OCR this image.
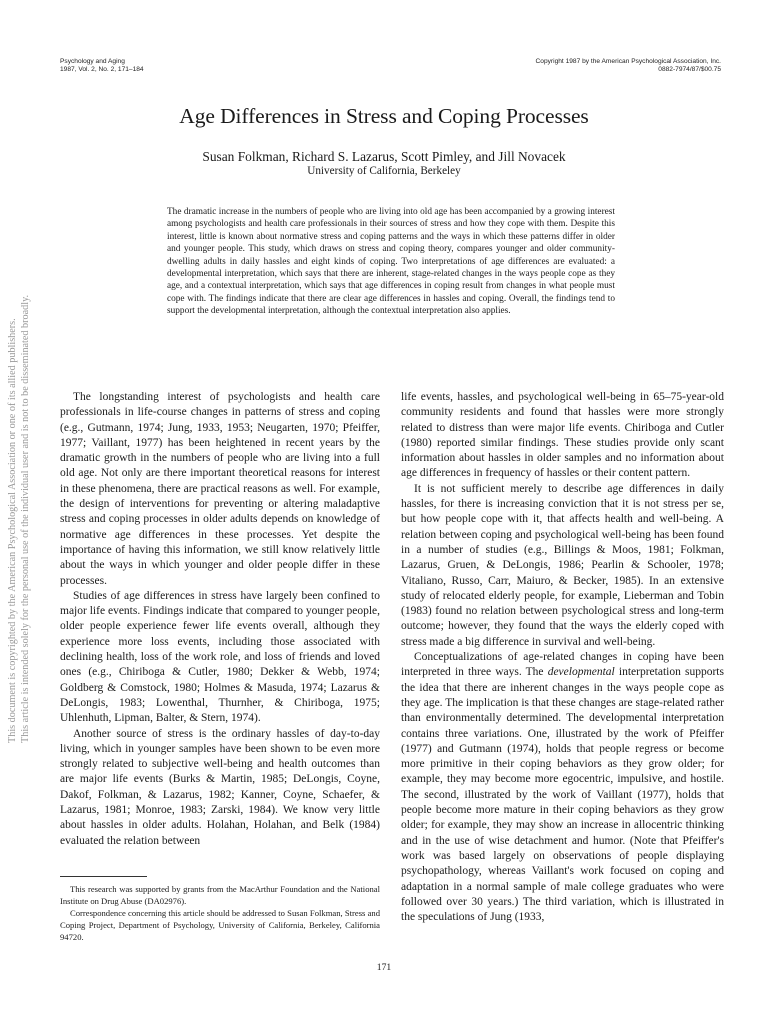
Psychology and Aging
1987, Vol. 2, No. 2, 171–184
Copyright 1987 by the American Psychological Association, Inc.
0882-7974/87/$00.75
Age Differences in Stress and Coping Processes
Susan Folkman, Richard S. Lazarus, Scott Pimley, and Jill Novacek
University of California, Berkeley
The dramatic increase in the numbers of people who are living into old age has been accompanied by a growing interest among psychologists and health care professionals in their sources of stress and how they cope with them. Despite this interest, little is known about normative stress and coping patterns and the ways in which these patterns differ in older and younger people. This study, which draws on stress and coping theory, compares younger and older community-dwelling adults in daily hassles and eight kinds of coping. Two interpretations of age differences are evaluated: a developmental interpretation, which says that there are inherent, stage-related changes in the ways people cope as they age, and a contextual interpretation, which says that age differences in coping result from changes in what people must cope with. The findings indicate that there are clear age differences in hassles and coping. Overall, the findings tend to support the developmental interpretation, although the contextual interpretation also applies.

The longstanding interest of psychologists and health care professionals in life-course changes in patterns of stress and coping (e.g., Gutmann, 1974; Jung, 1933, 1953; Neugarten, 1970; Pfeiffer, 1977; Vaillant, 1977) has been heightened in recent years by the dramatic growth in the numbers of people who are living into a full old age. Not only are there important theoretical reasons for interest in these phenomena, there are practical reasons as well. For example, the design of interventions for preventing or altering maladaptive stress and coping processes in older adults depends on knowledge of normative age differences in these processes. Yet despite the importance of having this information, we still know relatively little about the ways in which younger and older people differ in these processes.

Studies of age differences in stress have largely been confined to major life events. Findings indicate that compared to younger people, older people experience fewer life events overall, although they experience more loss events, including those associated with declining health, loss of the work role, and loss of friends and loved ones (e.g., Chiriboga & Cutler, 1980; Dekker & Webb, 1974; Goldberg & Comstock, 1980; Holmes & Masuda, 1974; Lazarus & DeLongis, 1983; Lowenthal, Thurnher, & Chiriboga, 1975; Uhlenhuth, Lipman, Balter, & Stern, 1974).

Another source of stress is the ordinary hassles of day-to-day living, which in younger samples have been shown to be even more strongly related to subjective well-being and health outcomes than are major life events (Burks & Martin, 1985; DeLongis, Coyne, Dakof, Folkman, & Lazarus, 1982; Kanner, Coyne, Schaefer, & Lazarus, 1981; Monroe, 1983; Zarski, 1984). We know very little about hassles in older adults. Holahan, Holahan, and Belk (1984) evaluated the relation between

life events, hassles, and psychological well-being in 65–75-year-old community residents and found that hassles were more strongly related to distress than were major life events. Chiriboga and Cutler (1980) reported similar findings. These studies provide only scant information about hassles in older samples and no information about age differences in frequency of hassles or their content pattern.

It is not sufficient merely to describe age differences in daily hassles, for there is increasing conviction that it is not stress per se, but how people cope with it, that affects health and well-being. A relation between coping and psychological well-being has been found in a number of studies (e.g., Billings & Moos, 1981; Folkman, Lazarus, Gruen, & DeLongis, 1986; Pearlin & Schooler, 1978; Vitaliano, Russo, Carr, Maiuro, & Becker, 1985). In an extensive study of relocated elderly people, for example, Lieberman and Tobin (1983) found no relation between psychological stress and long-term outcome; however, they found that the ways the elderly coped with stress made a big difference in survival and well-being.

Conceptualizations of age-related changes in coping have been interpreted in three ways. The developmental interpretation supports the idea that there are inherent changes in the ways people cope as they age. The implication is that these changes are stage-related rather than environmentally determined. The developmental interpretation contains three variations. One, illustrated by the work of Pfeiffer (1977) and Gutmann (1974), holds that people regress or become more primitive in their coping behaviors as they grow older; for example, they may become more egocentric, impulsive, and hostile. The second, illustrated by the work of Vaillant (1977), holds that people become more mature in their coping behaviors as they grow older; for example, they may show an increase in allocentric thinking and in the use of wise detachment and humor. (Note that Pfeiffer's work was based largely on observations of people displaying psychopathology, whereas Vaillant's work focused on coping and adaptation in a normal sample of male college graduates who were followed over 30 years.) The third variation, which is illustrated in the speculations of Jung (1933,

This research was supported by grants from the MacArthur Foundation and the National Institute on Drug Abuse (DA02976).

Correspondence concerning this article should be addressed to Susan Folkman, Stress and Coping Project, Department of Psychology, University of California, Berkeley, California 94720.

171
This document is copyrighted by the American Psychological Association or one of its allied publishers. This article is intended solely for the personal use of the individual user and is not to be disseminated broadly.
